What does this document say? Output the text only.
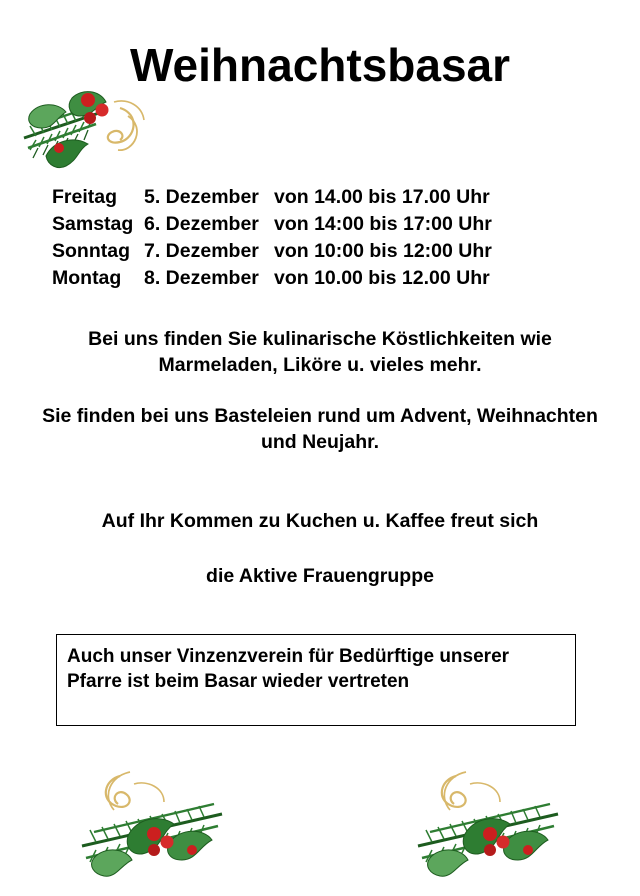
Weihnachtsbasar
Freitag	5. Dezember von 14.00 bis 17.00 Uhr
Samstag 6. Dezember von 14:00 bis 17:00 Uhr
Sonntag 7. Dezember von 10:00 bis 12:00 Uhr
Montag	8. Dezember von 10.00 bis 12.00 Uhr
Bei uns finden Sie kulinarische Köstlichkeiten wie Marmeladen, Liköre u. vieles mehr.
Sie finden bei uns Basteleien rund um Advent, Weihnachten und Neujahr.
Auf Ihr Kommen zu Kuchen u. Kaffee freut sich
die Aktive Frauengruppe
Auch unser Vinzenzverein für Bedürftige unserer Pfarre ist beim Basar wieder vertreten
